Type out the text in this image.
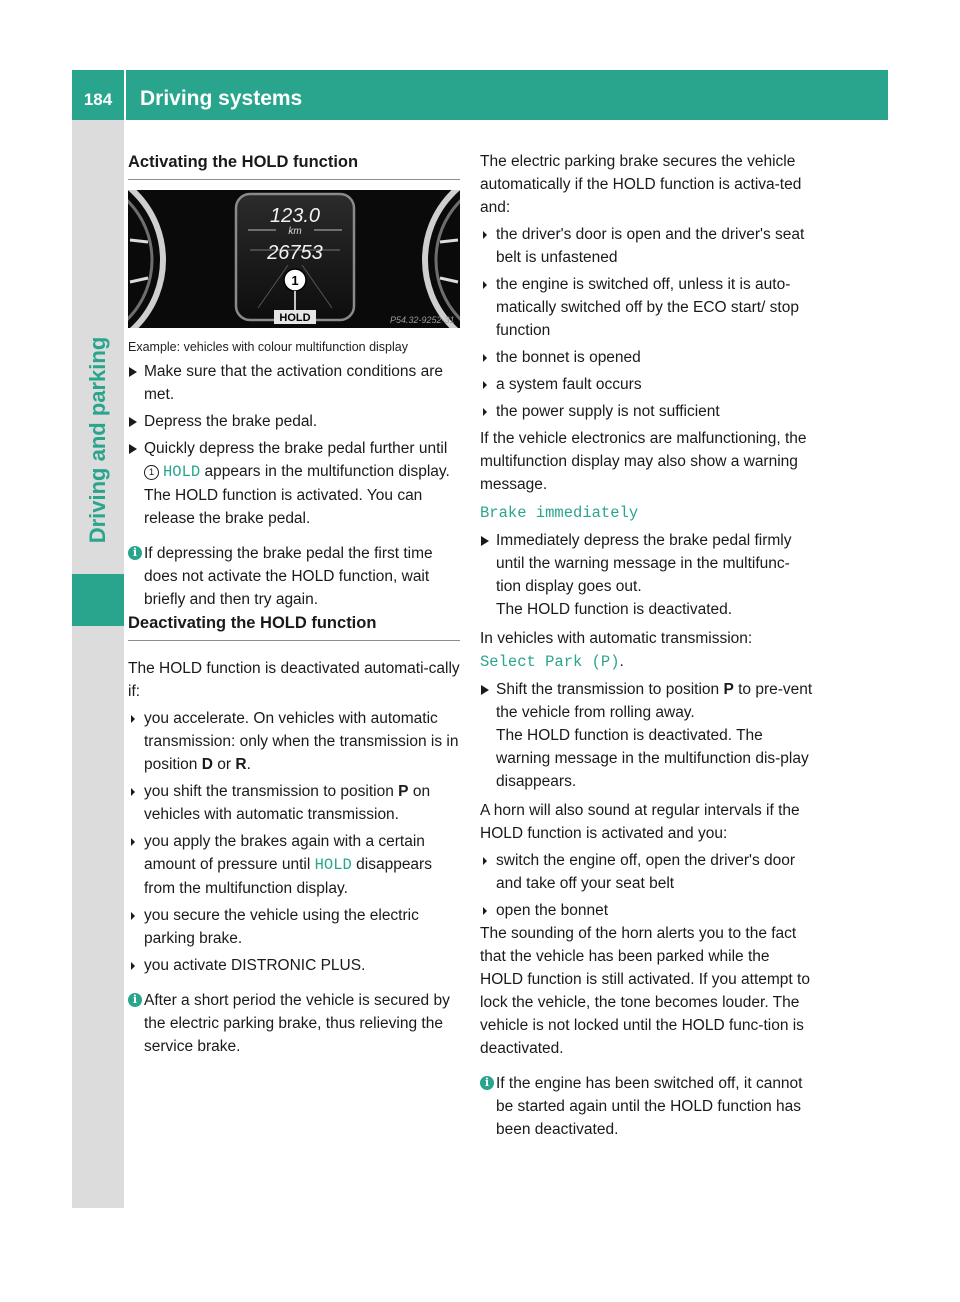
184	Driving systems
Driving and parking
Activating the HOLD function
123.0
km
26753
1
HOLD	P54.32-9252-31

Example: vehicles with colour multifunction display

Make sure that the activation conditions are met.

Depress the brake pedal.

Quickly depress the brake pedal further until 1 HOLD appears in the multifunction display.
The HOLD function is activated. You can release the brake pedal.

i If depressing the brake pedal the first time does not activate the HOLD function, wait briefly and then try again.

Deactivating the HOLD function

The HOLD function is deactivated automati-cally if:

you accelerate. On vehicles with automatic transmission: only when the transmission is in position D or R.

you shift the transmission to position P on vehicles with automatic transmission.

you apply the brakes again with a certain amount of pressure until HOLD disappears from the multifunction display.

you secure the vehicle using the electric parking brake.

you activate DISTRONIC PLUS.

i After a short period the vehicle is secured by the electric parking brake, thus relieving the service brake.

The electric parking brake secures the vehicle automatically if the HOLD function is activa-ted and:

the driver's door is open and the driver's seat belt is unfastened

the engine is switched off, unless it is auto-matically switched off by the ECO start/ stop function

the bonnet is opened

a system fault occurs

the power supply is not sufficient

If the vehicle electronics are malfunctioning, the multifunction display may also show a warning message.

Brake immediately

Immediately depress the brake pedal firmly until the warning message in the multifunc-tion display goes out.
The HOLD function is deactivated.

In vehicles with automatic transmission:

Select Park (P).

Shift the transmission to position P to pre-vent the vehicle from rolling away.
The HOLD function is deactivated. The warning message in the multifunction dis-play disappears.

A horn will also sound at regular intervals if the HOLD function is activated and you:

switch the engine off, open the driver's door and take off your seat belt

open the bonnet

The sounding of the horn alerts you to the fact that the vehicle has been parked while the HOLD function is still activated. If you attempt to lock the vehicle, the tone becomes louder. The vehicle is not locked until the HOLD func-tion is deactivated.

i If the engine has been switched off, it cannot be started again until the HOLD function has been deactivated.
